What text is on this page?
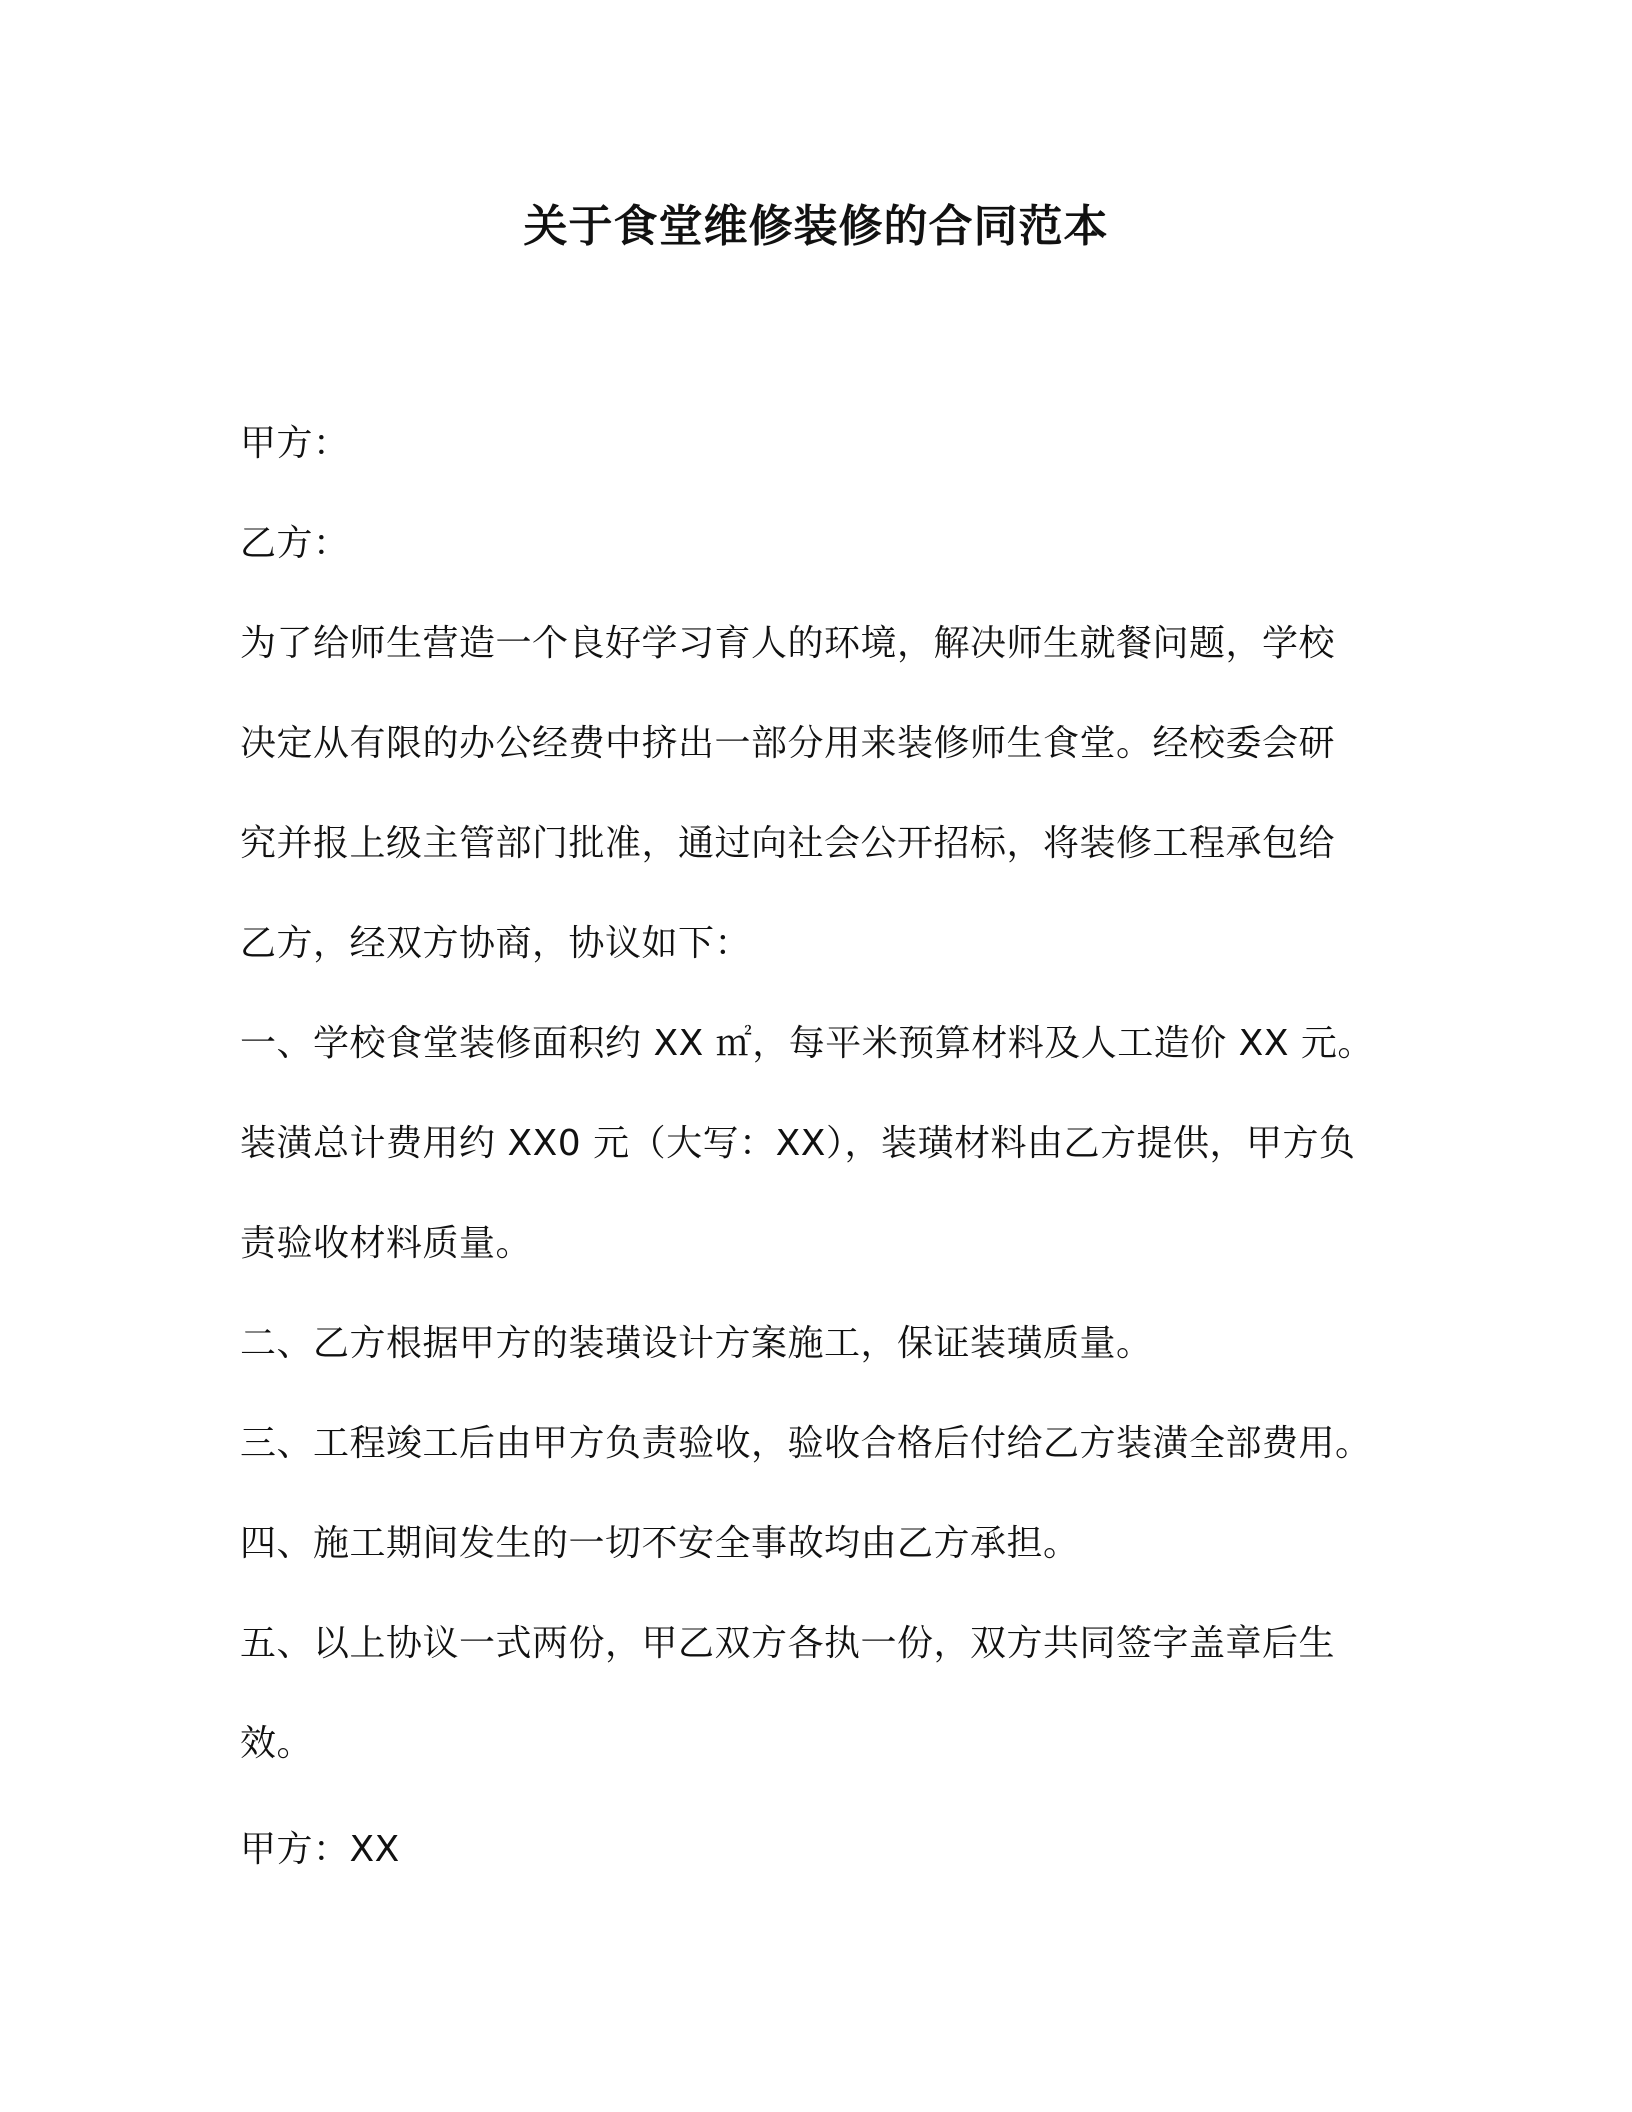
关于食堂维修装修的合同范本
甲方：
乙方：
为了给师生营造一个良好学习育人的环境，解决师生就餐问题，学校
决定从有限的办公经费中挤出一部分用来装修师生食堂。经校委会研
究并报上级主管部门批准，通过向社会公开招标，将装修工程承包给
乙方，经双方协商，协议如下：
一、学校食堂装修面积约 XX ㎡，每平米预算材料及人工造价 XX 元。
装潢总计费用约 XX0 元（大写：XX），装璜材料由乙方提供，甲方负
责验收材料质量。
二、乙方根据甲方的装璜设计方案施工，保证装璜质量。
三、工程竣工后由甲方负责验收，验收合格后付给乙方装潢全部费用。
四、施工期间发生的一切不安全事故均由乙方承担。
五、以上协议一式两份，甲乙双方各执一份，双方共同签字盖章后生
效。
甲方：XX
